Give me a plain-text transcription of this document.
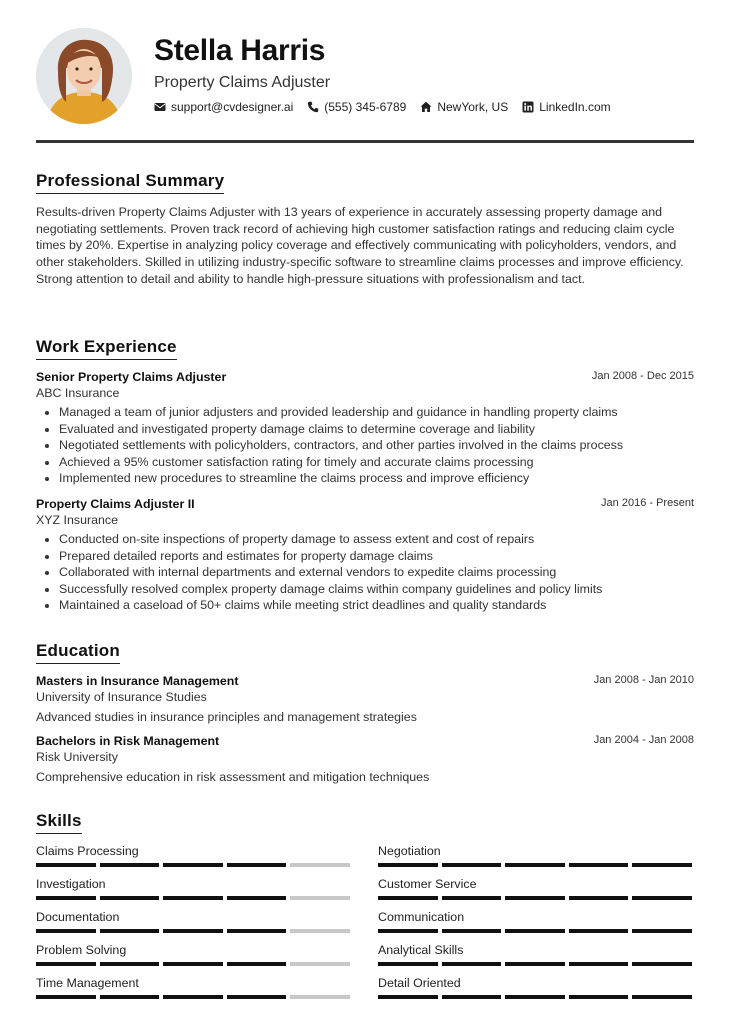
Stella Harris
Property Claims Adjuster
support@cvdesigner.ai	(555) 345-6789	NewYork, US	LinkedIn.com
Professional Summary
Results-driven Property Claims Adjuster with 13 years of experience in accurately assessing property damage and negotiating settlements. Proven track record of achieving high customer satisfaction ratings and reducing claim cycle times by 20%. Expertise in analyzing policy coverage and effectively communicating with policyholders, vendors, and other stakeholders. Skilled in utilizing industry-specific software to streamline claims processes and improve efficiency. Strong attention to detail and ability to handle high-pressure situations with professionalism and tact.
Work Experience
Senior Property Claims Adjuster	Jan 2008 - Dec 2015
ABC Insurance
• Managed a team of junior adjusters and provided leadership and guidance in handling property claims
• Evaluated and investigated property damage claims to determine coverage and liability
• Negotiated settlements with policyholders, contractors, and other parties involved in the claims process
• Achieved a 95% customer satisfaction rating for timely and accurate claims processing
• Implemented new procedures to streamline the claims process and improve efficiency
Property Claims Adjuster II	Jan 2016 - Present
XYZ Insurance
• Conducted on-site inspections of property damage to assess extent and cost of repairs
• Prepared detailed reports and estimates for property damage claims
• Collaborated with internal departments and external vendors to expedite claims processing
• Successfully resolved complex property damage claims within company guidelines and policy limits
• Maintained a caseload of 50+ claims while meeting strict deadlines and quality standards
Education
Masters in Insurance Management	Jan 2008 - Jan 2010
University of Insurance Studies
Advanced studies in insurance principles and management strategies
Bachelors in Risk Management	Jan 2004 - Jan 2008
Risk University
Comprehensive education in risk assessment and mitigation techniques
Skills
Claims Processing	Negotiation
Investigation	Customer Service
Documentation	Communication
Problem Solving	Analytical Skills
Time Management	Detail Oriented
